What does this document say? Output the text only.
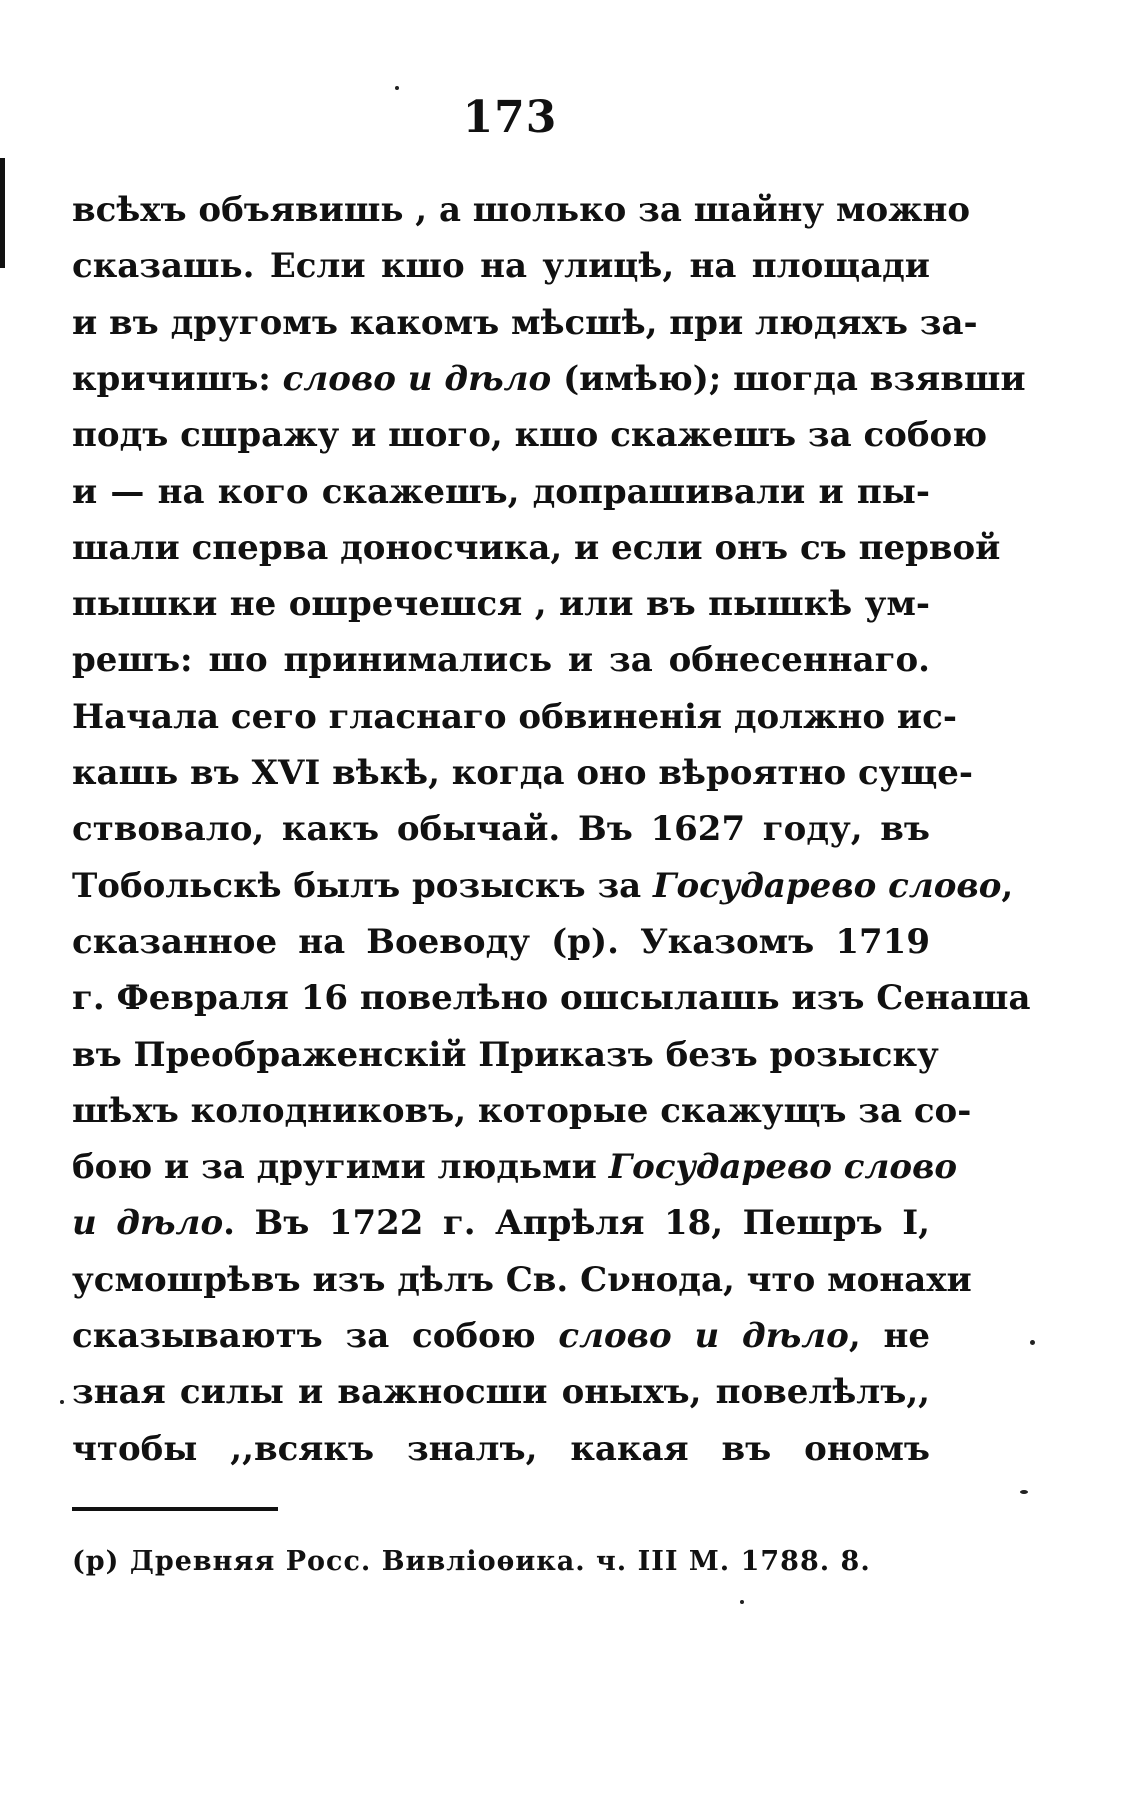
173
всѣхъ объявишь , а шолько за шайну можно
сказашь. Если кшо на улицѣ, на площади
и въ другомъ какомъ мѣсшѣ, при людяхъ за-
кричишъ: слово и дѣло (имѣю); шогда взявши
подъ сшражу и шого, кшо скажешъ за собою
и — на кого скажешъ, допрашивали и пы-
шали сперва доносчика, и если онъ съ первой
пышки не ошречешся , или въ пышкѣ ум-
решъ: шо принимались и за обнесеннаго.
Начала сего гласнаго обвиненія должно ис-
кашь въ XVI вѣкѣ, когда оно вѣроятно суще-
ствовало, какъ обычай. Въ 1627 году, въ
Тобольскѣ былъ розыскъ за Государево слово,
сказанное на Воеводу (р). Указомъ 1719
г. Февраля 16 повелѣно ошсылашь изъ Сенаша
въ Преображенскій Приказъ безъ розыску
шѣхъ колодниковъ, которые скажущъ за со-
бою и за другими людьми Государево слово
и дѣло. Въ 1722 г. Апрѣля 18, Пешръ I,
усмошрѣвъ изъ дѣлъ Св. Сνнода, что монахи
сказываютъ за собою слово и дѣло, не
зная силы и важносши оныхъ, повелѣлъ,,
чтобы ,,всякъ зналъ, какая въ ономъ
(р) Древняя Росс. Вивліоѳика. ч. III М. 1788. 8.
